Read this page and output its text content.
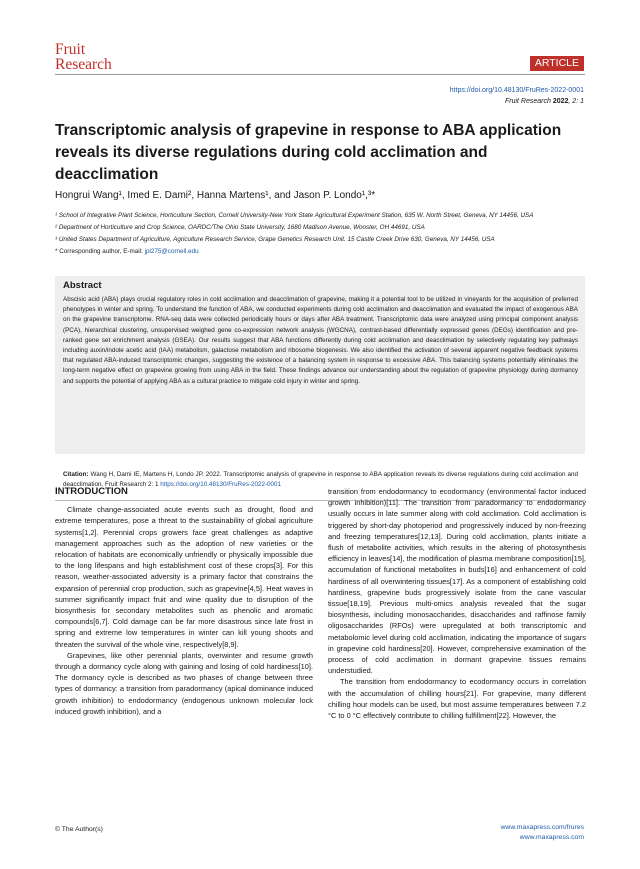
Fruit
Research	ARTICLE
https://doi.org/10.48130/FruRes-2022-0001
Fruit Research 2022, 2: 1
Transcriptomic analysis of grapevine in response to ABA application reveals its diverse regulations during cold acclimation and deacclimation
Hongrui Wang¹, Imed E. Dami², Hanna Martens¹, and Jason P. Londo¹,³*
¹ School of Integrative Plant Science, Horticulture Section, Cornell University-New York State Agricultural Experiment Station, 635 W. North Street, Geneva, NY 14456, USA
² Department of Horticulture and Crop Science, OARDC/The Ohio State University, 1680 Madison Avenue, Wooster, OH 44691, USA
³ United States Department of Agriculture, Agriculture Research Service, Grape Genetics Research Unit. 15 Castle Creek Drive 630, Geneva, NY 14456, USA
* Corresponding author, E-mail: jpl275@cornell.edu
Abstract
Abscisic acid (ABA) plays crucial regulatory roles in cold acclimation and deacclimation of grapevine, making it a potential tool to be utilized in vineyards for the acquisition of preferred phenotypes in winter and spring. To understand the function of ABA, we conducted experiments during cold acclimation and deacclimation and evaluated the impact of exogenous ABA on the grapevine transcriptome. RNA-seq data were collected periodically hours or days after ABA treatment. Transcriptomic data were analyzed using principal component analysis (PCA), hierarchical clustering, unsupervised weighed gene co-expression network analysis (WGCNA), contrast-based differentially expressed genes (DEGs) identification and pre-ranked gene set enrichment analysis (GSEA). Our results suggest that ABA functions differently during cold acclimation and deacclimation by selectively regulating key pathways including auxin/indole acetic acid (IAA) metabolism, galactose metabolism and ribosome biogenesis. We also identified the activation of several apparent negative feedback systems that regulated ABA-induced transcriptomic changes, suggesting the existence of a balancing system in response to excessive ABA. This balancing systems potentially eliminates the long-term negative effect on grapevine growing from using ABA in the field. These findings advance our understanding about the regulation of grapevine physiology during dormancy and supports the potential of applying ABA as a cultural practice to mitigate cold injury in winter and spring.
Citation: Wang H, Dami IE, Martens H, Londo JP. 2022. Transcriptomic analysis of grapevine in response to ABA application reveals its diverse regulations during cold acclimation and deacclimation. Fruit Research 2: 1 https://doi.org/10.48130/FruRes-2022-0001
INTRODUCTION

Climate change-associated acute events such as drought, flood and extreme temperatures, pose a threat to the sustainability of global agriculture systems[1,2]. Perennial crops growers face great challenges as adaptive management approaches such as the adoption of new varieties or the relocation of habitats are economically unfriendly or physically impossible due to the long lifespans and high establishment cost of these crops[3]. For this reason, weather-associated adversity is a primary factor that constrains the expansion of perennial crop production, such as grapevine[4,5]. Heat waves in summer significantly impact fruit and wine quality due to disruption of the biosynthesis for secondary metabolites such as phenolic and aromatic compounds[6,7]. Cold damage can be far more disastrous since late frost in spring and extreme low temperatures in winter can kill young shoots and threaten the survival of the whole vine, respectively[8,9].

Grapevines, like other perennial plants, overwinter and resume growth through a dormancy cycle along with gaining and losing of cold hardiness[10]. The dormancy cycle is described as two phases of change between three types of dormancy: a transition from paradormancy (apical dominance induced growth inhibition) to endodormancy (endogenous unknown molecular lock induced growth inhibition), and a

transition from endodormancy to ecodormancy (environmental factor induced growth inhibition)[11]. The transition from paradormancy to endodormancy usually occurs in late summer along with cold acclimation. Cold acclimation is triggered by short-day photoperiod and progressively induced by non-freezing and freezing temperatures[12,13]. During cold acclimation, plants initiate a flush of metabolite activities, which results in the altering of photosynthesis efficiency in leaves[14], the modification of plasma membrane composition[15], accumulation of functional metabolites in buds[16] and enhancement of cold hardiness of all overwintering tissues[17]. As a component of establishing cold hardiness, grapevine buds progressively isolate from the cane vascular tissue[18,19]. Previous multi-omics analysis revealed that the sugar biosynthesis, including monosaccharides, disaccharides and raffinose family oligosaccharides (RFOs) were upregulated at both transcriptomic and metabolomic level during cold acclimation, indicating the importance of sugars in grapevine cold hardiness[20]. However, comprehensive examination of the process of cold acclimation in dormant grapevine tissues remains understudied.

The transition from endodormancy to ecodormancy occurs in correlation with the accumulation of chilling hours[21]. For grapevine, many different chilling hour models can be used, but most assume temperatures between 7.2 °C to 0 °C effectively contribute to chilling fulfillment[22]. However, the

© The Author(s)	www.maxapress.com/frures
www.maxapress.com
